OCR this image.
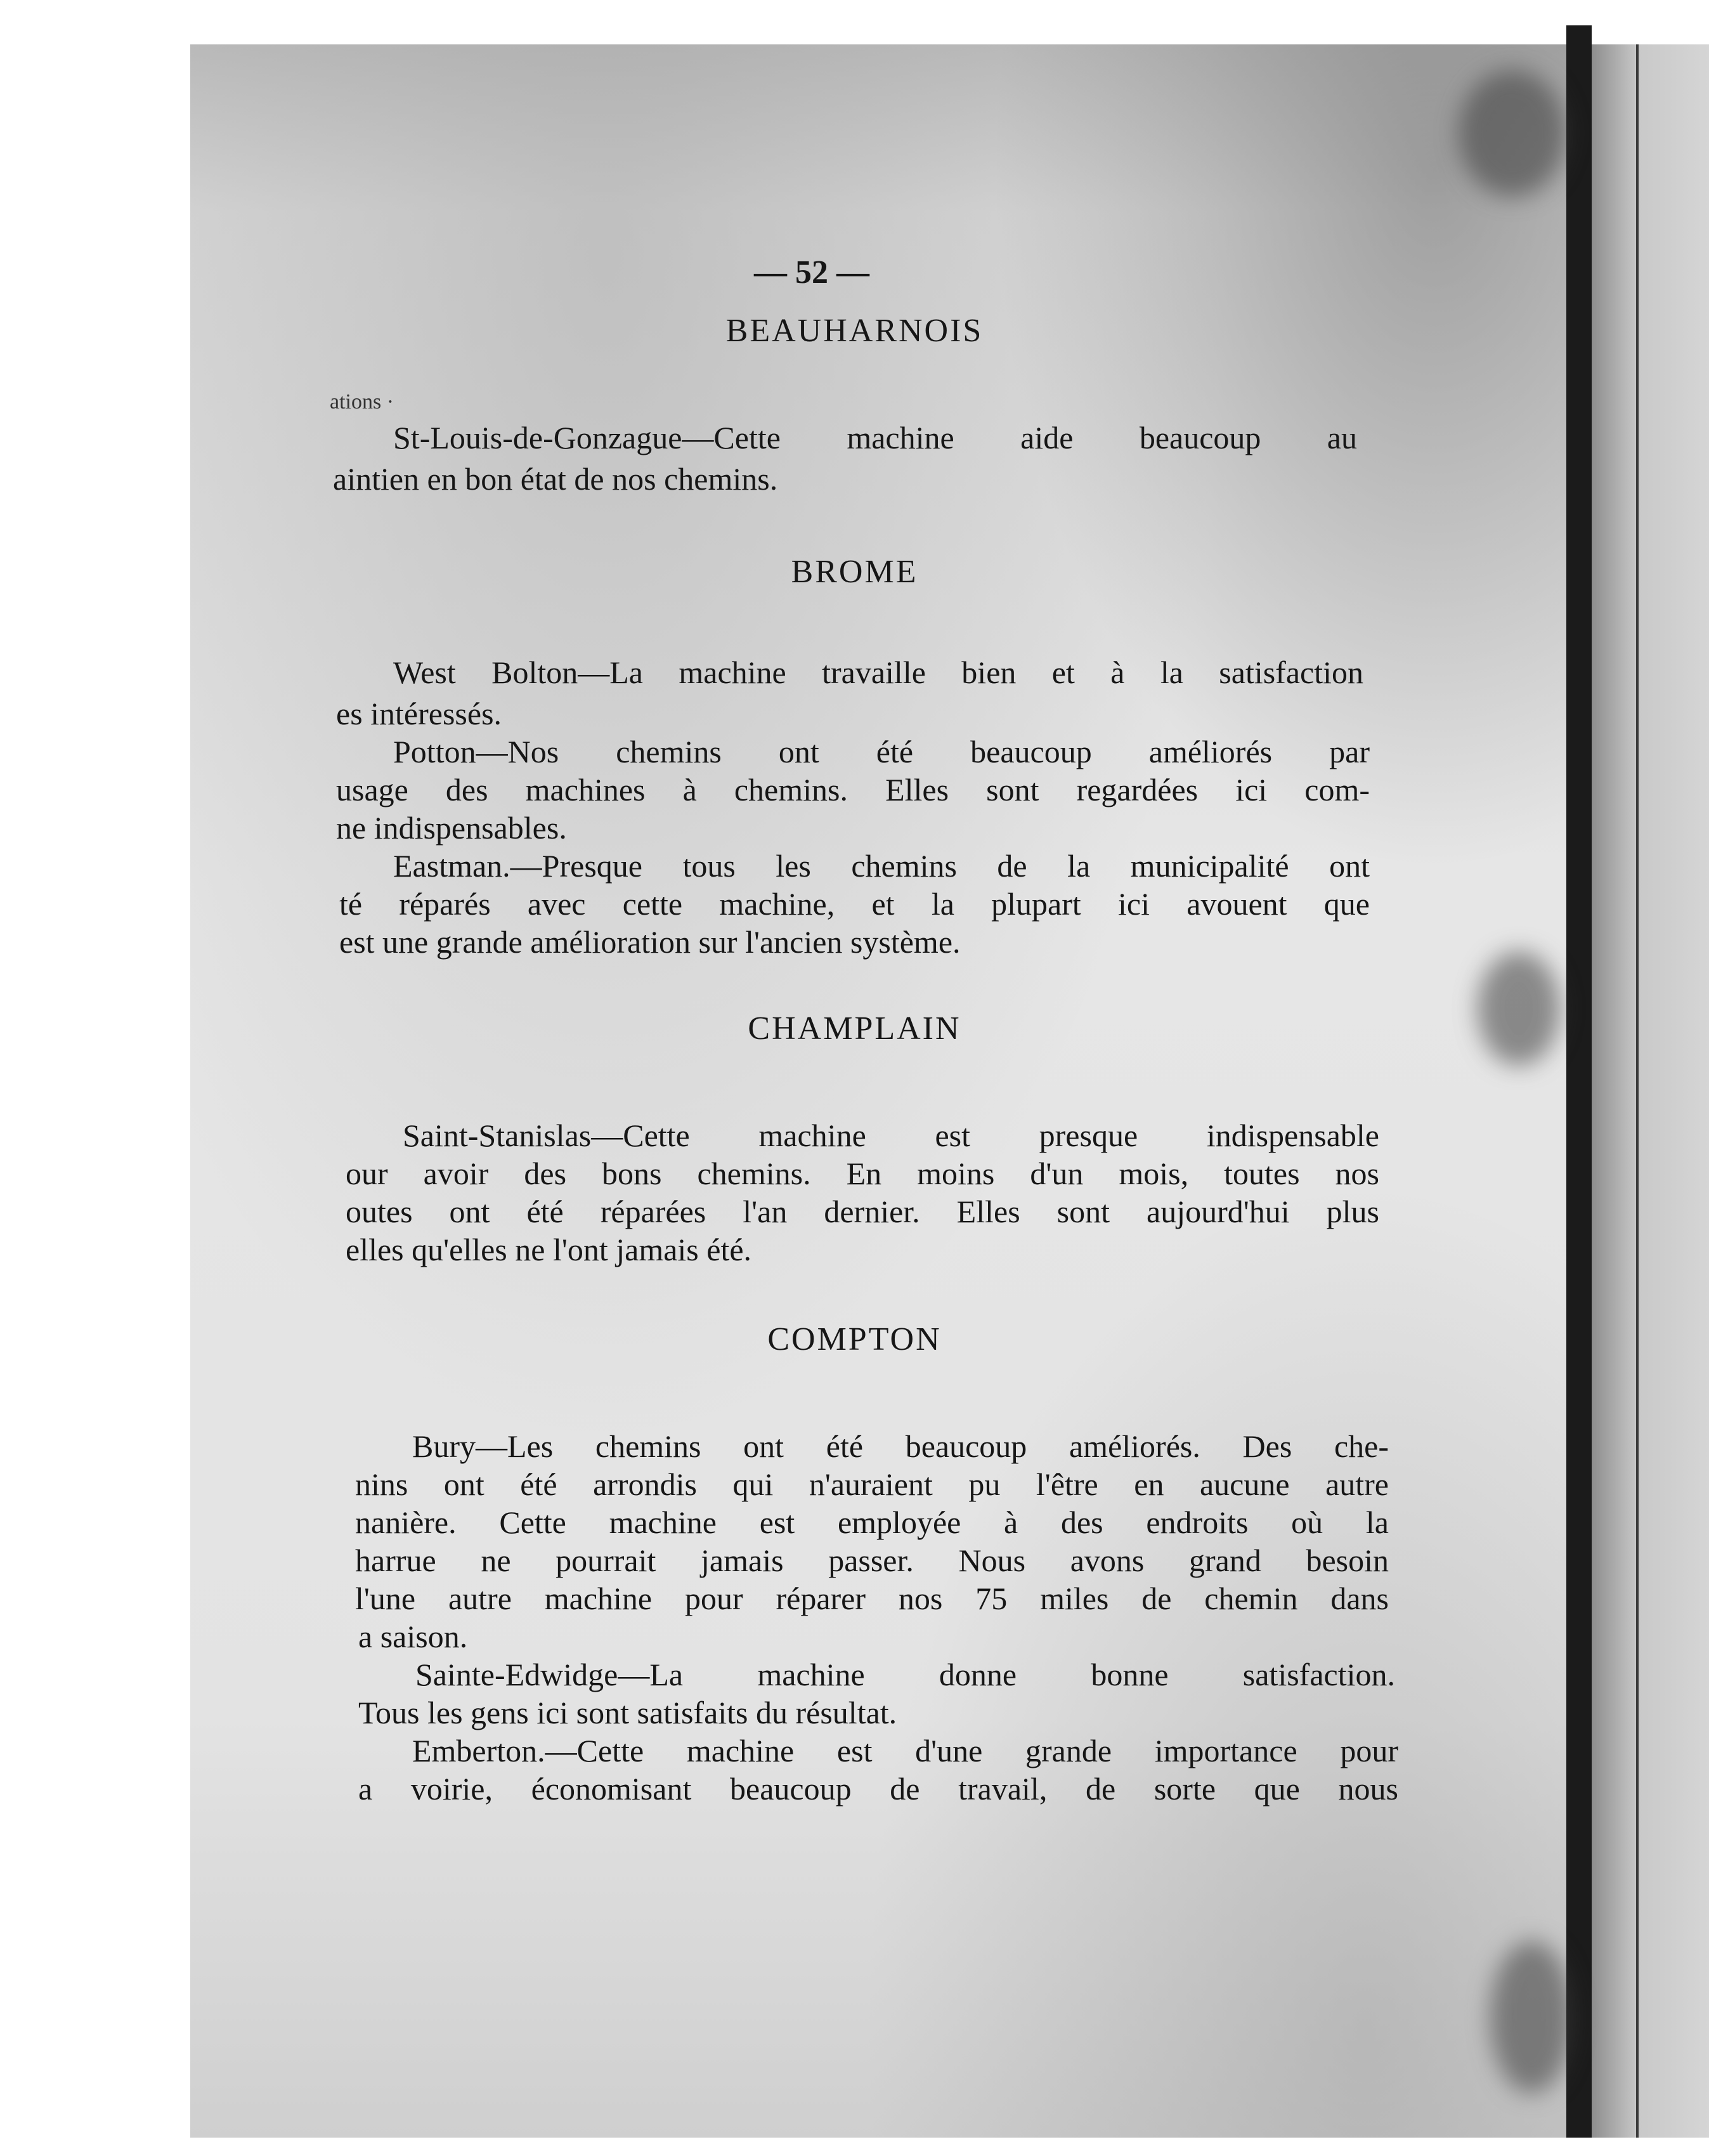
— 52 —
ations ·
BEAUHARNOIS
St-Louis-de-Gonzague—Cette machine aide beaucoup au
aintien en bon état de nos chemins.
BROME
West Bolton—La machine travaille bien et à la satisfaction
es intéressés.
Potton—Nos chemins ont été beaucoup améliorés par
usage des machines à chemins. Elles sont regardées ici com-
ne indispensables.
Eastman.—Presque tous les chemins de la municipalité ont
té réparés avec cette machine, et la plupart ici avouent que
est une grande amélioration sur l'ancien système.
CHAMPLAIN
Saint-Stanislas—Cette machine est presque indispensable
our avoir des bons chemins. En moins d'un mois, toutes nos
outes ont été réparées l'an dernier. Elles sont aujourd'hui plus
elles qu'elles ne l'ont jamais été.
COMPTON
Bury—Les chemins ont été beaucoup améliorés. Des che-
nins ont été arrondis qui n'auraient pu l'être en aucune autre
nanière. Cette machine est employée à des endroits où la
harrue ne pourrait jamais passer. Nous avons grand besoin
l'une autre machine pour réparer nos 75 miles de chemin dans
a saison.
Sainte-Edwidge—La machine donne bonne satisfaction.
Tous les gens ici sont satisfaits du résultat.
Emberton.—Cette machine est d'une grande importance pour
a voirie, économisant beaucoup de travail, de sorte que nous
